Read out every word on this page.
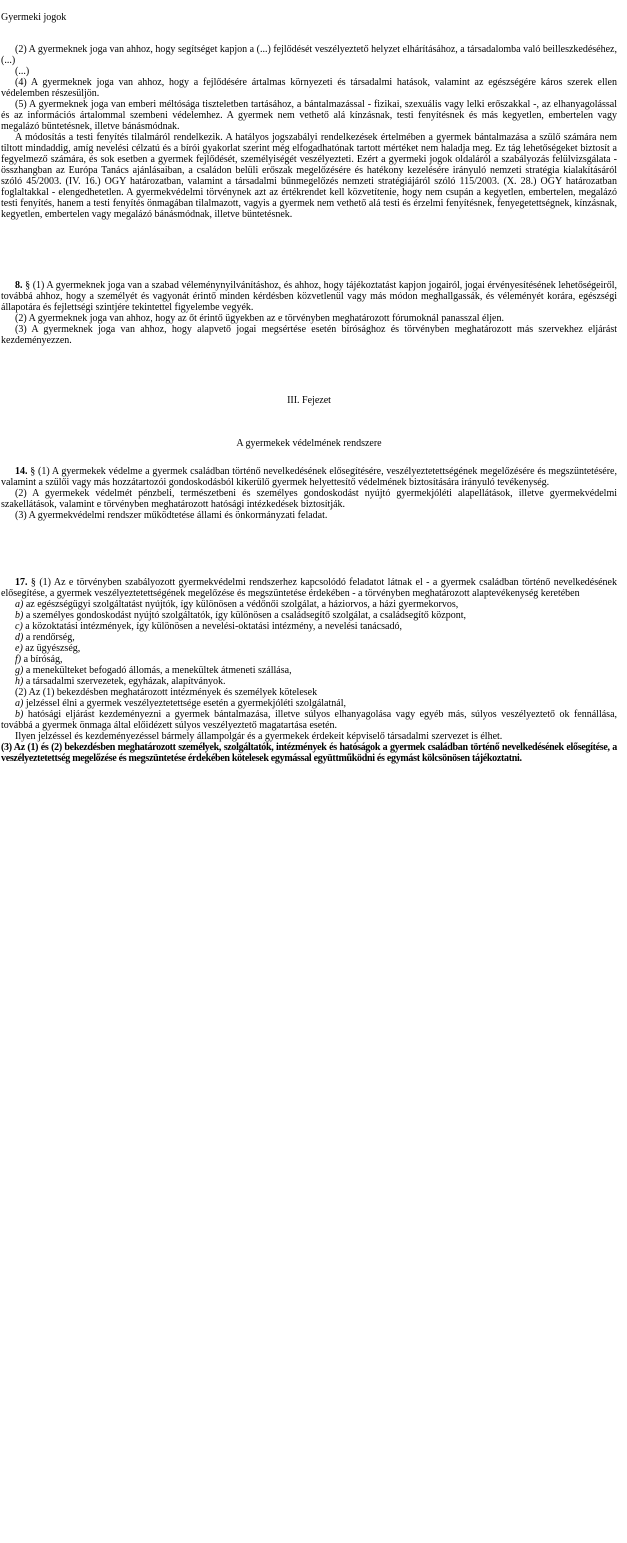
Gyermeki jogok

(2) A gyermeknek joga van ahhoz, hogy segítséget kapjon a (...) fejlődését veszélyeztető helyzet elhárításához, a társadalomba való beilleszkedéséhez, (...)

(...)

(4) A gyermeknek joga van ahhoz, hogy a fejlődésére ártalmas környezeti és társadalmi hatások, valamint az egészségére káros szerek ellen védelemben részesüljön.

(5) A gyermeknek joga van emberi méltósága tiszteletben tartásához, a bántalmazással - fizikai, szexuális vagy lelki erőszakkal -, az elhanyagolással és az információs ártalommal szembeni védelemhez. A gyermek nem vethető alá kínzásnak, testi fenyítésnek és más kegyetlen, embertelen vagy megalázó büntetésnek, illetve bánásmódnak.

A módosítás a testi fenyítés tilalmáról rendelkezik. A hatályos jogszabályi rendelkezések értelmében a gyermek bántalmazása a szülő számára nem tiltott mindaddig, amíg nevelési célzatú és a bírói gyakorlat szerint még elfogadhatónak tartott mértéket nem haladja meg. Ez tág lehetőségeket biztosít a fegyelmező számára, és sok esetben a gyermek fejlődését, személyiségét veszélyezteti. Ezért a gyermeki jogok oldaláról a szabályozás felülvizsgálata - összhangban az Európa Tanács ajánlásaiban, a családon belüli erőszak megelőzésére és hatékony kezelésére irányuló nemzeti stratégia kialakításáról szóló 45/2003. (IV. 16.) OGY határozatban, valamint a társadalmi bűnmegelőzés nemzeti stratégiájáról szóló 115/2003. (X. 28.) OGY határozatban foglaltakkal - elengedhetetlen. A gyermekvédelmi törvénynek azt az értékrendet kell közvetítenie, hogy nem csupán a kegyetlen, embertelen, megalázó testi fenyítés, hanem a testi fenyítés önmagában tilalmazott, vagyis a gyermek nem vethető alá testi és érzelmi fenyítésnek, fenyegetettségnek, kínzásnak, kegyetlen, embertelen vagy megalázó bánásmódnak, illetve büntetésnek.

8. § (1) A gyermeknek joga van a szabad véleménynyilvánításhoz, és ahhoz, hogy tájékoztatást kapjon jogairól, jogai érvényesítésének lehetőségeiről, továbbá ahhoz, hogy a személyét és vagyonát érintő minden kérdésben közvetlenül vagy más módon meghallgassák, és véleményét korára, egészségi állapotára és fejlettségi szintjére tekintettel figyelembe vegyék.

(2) A gyermeknek joga van ahhoz, hogy az őt érintő ügyekben az e törvényben meghatározott fórumoknál panasszal éljen.

(3) A gyermeknek joga van ahhoz, hogy alapvető jogai megsértése esetén bírósághoz és törvényben meghatározott más szervekhez eljárást kezdeményezzen.

III. Fejezet

A gyermekek védelmének rendszere

14. § (1) A gyermekek védelme a gyermek családban történő nevelkedésének elősegítésére, veszélyeztetettségének megelőzésére és megszüntetésére, valamint a szülői vagy más hozzátartozói gondoskodásból kikerülő gyermek helyettesítő védelmének biztosítására irányuló tevékenység.

(2) A gyermekek védelmét pénzbeli, természetbeni és személyes gondoskodást nyújtó gyermekjóléti alapellátások, illetve gyermekvédelmi szakellátások, valamint e törvényben meghatározott hatósági intézkedések biztosítják.

(3) A gyermekvédelmi rendszer működtetése állami és önkormányzati feladat.

17. § (1) Az e törvényben szabályozott gyermekvédelmi rendszerhez kapcsolódó feladatot látnak el - a gyermek családban történő nevelkedésének elősegítése, a gyermek veszélyeztetettségének megelőzése és megszüntetése érdekében - a törvényben meghatározott alaptevékenység keretében

a) az egészségügyi szolgáltatást nyújtók, így különösen a védőnői szolgálat, a háziorvos, a házi gyermekorvos,

b) a személyes gondoskodást nyújtó szolgáltatók, így különösen a családsegítő szolgálat, a családsegítő központ,

c) a közoktatási intézmények, így különösen a nevelési-oktatási intézmény, a nevelési tanácsadó,

d) a rendőrség,

e) az ügyészség,

f) a bíróság,

g) a menekülteket befogadó állomás, a menekültek átmeneti szállása,

h) a társadalmi szervezetek, egyházak, alapítványok.

(2) Az (1) bekezdésben meghatározott intézmények és személyek kötelesek

a) jelzéssel élni a gyermek veszélyeztetettsége esetén a gyermekjóléti szolgálatnál,

b) hatósági eljárást kezdeményezni a gyermek bántalmazása, illetve súlyos elhanyagolása vagy egyéb más, súlyos veszélyeztető ok fennállása, továbbá a gyermek önmaga által előidézett súlyos veszélyeztető magatartása esetén.

Ilyen jelzéssel és kezdeményezéssel bármely állampolgár és a gyermekek érdekeit képviselő társadalmi szervezet is élhet.

(3) Az (1) és (2) bekezdésben meghatározott személyek, szolgáltatók, intézmények és hatóságok a gyermek családban történő nevelkedésének elősegítése, a veszélyeztetettség megelőzése és megszüntetése érdekében kötelesek egymással együttműködni és egymást kölcsönösen tájékoztatni.
